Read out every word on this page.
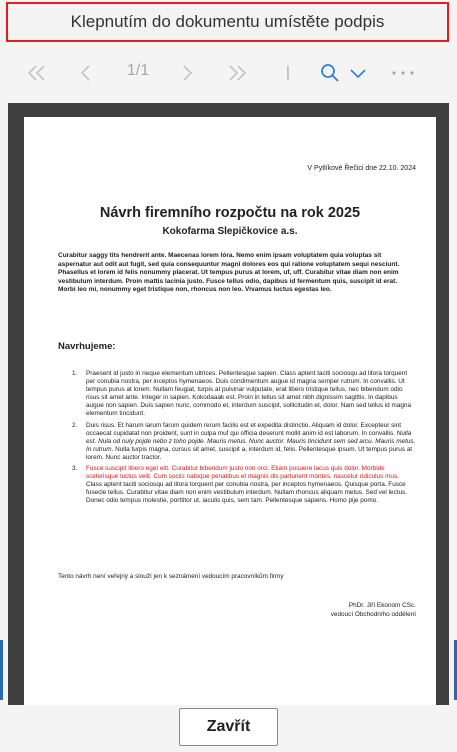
Klepnutím do dokumentu umístěte podpis
1/1	|
V Pytlíkové Řečici dne 22.10. 2024
Návrh firemního rozpočtu na rok 2025
Kokofarma Slepičkovice a.s.
Curabitur saggy tits hendrerit ante. Maecenas lorem lóra. Nemo enim ipsam voluptatem quia voluptas sit aspernatur aut odit aut fugit, sed quia consequuntur magni dolores eos qui ratione voluptatem sequi nesciunt. Phasellus et lorem id felis nonummy placerat. Ut tempus purus at lorem, uf, uff. Curabitur vitae diam non enim vestibulum interdum. Proin mattis lacinia justo. Fusce tellus odio, dapibus id fermentum quis, suscipit id erat. Morbi leo mi, nonummy eget tristique non, rhoncus non leo. Vivamus luctus egestas leo.
Navrhujeme:
1. Praesent id justo in neque elementum ultrices. Pellentesque sapien. Class aptent taciti sociosqu ad litora torquent per conubia nostra, per inceptos hymenaeos. Duis condimentum augue id magna semper rutrum. In convallis. Ut tempus purus at lorem. Nullam feugiat, turpis at pulvinar vulputate, erat libero tristique tellus, nec bibendum odio risus sit amet ante. Integer in sapien. Kokodaaak est. Proin in tellus sit amet nibh dignissim sagittis. In dapibus augue non sapien. Duis sapien nunc, commodo et, interdum suscipit, sollicitudin et, dolor. Nam sed tellus id magna elementum tincidunt.
2. Duis risus. Et harum larum farum quidem rerum facilis est et expedita distinctio. Aliquam id dolor. Excepteur sint occaecat cupidatat non proident, sunt in culpa muf qui officia deserunt mollit anim id est laborum. In convallis. Nulla est. Nula od nuly pojde nebo z toho pojde. Mauris metus. Nunc auctor. Mauris tincidunt sem sed arcu. Mauris metus. In rutrum. Nulla turpis magna, cursus sit amet, suscipit a, interdum id, felis. Pellentesque ipsum. Ut tempus purus at lorem. Nunc auctor tractor.
3. Fusce suscipit libero eget elit. Curabitur bibendum justo non orci. Etiam posuere lacus quis dolor. Morbide scelerisque luctus velit. Cum sociis natoque penatibus et magnis dis parturient montes, nascetur ridiculus mus. Class aptent taciti sociosqu ad litora torquent per conubia nostra, per inceptos hymenaeos. Quisque porta. Fusce fusecle tellus. Curabitur vitae diam non enim vestibulum interdum. Nullam rhoncus aliquam metus. Sed vel lectus. Donec odio tempus molestie, porttitor ut, iaculis quis, sem tam. Pellentesque sapiens. Homo pije pomo.
Tento návrh není veřejný a slouží jen k seznámení vedoucím pracovníkům firmy
PhDr. Jiří Ekonom CSc.
vedoucí Obchodního oddělení
Zavřít
